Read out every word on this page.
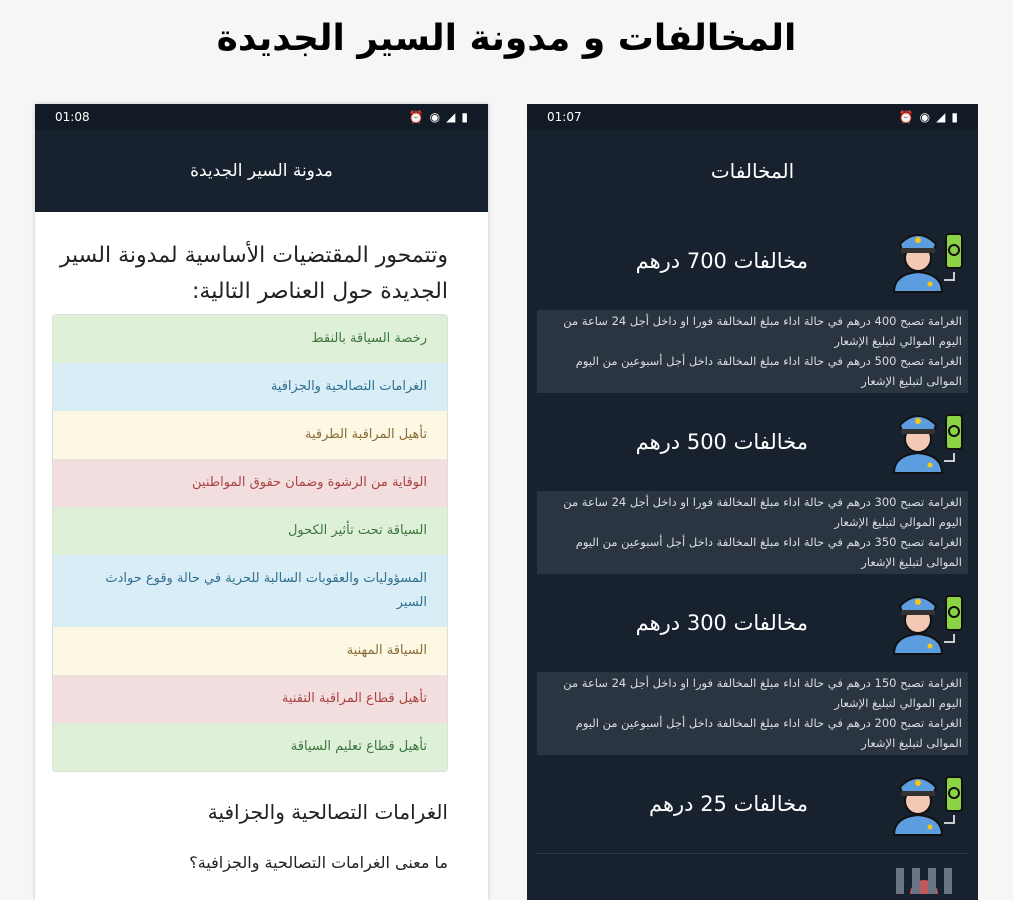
المخالفات و مدونة السير الجديدة
01:08	⏰ ◉ ◢ ▮
مدونة السير الجديدة
وتتمحور المقتضيات الأساسية لمدونة السير الجديدة حول العناصر التالية:
رخصة السياقة بالنقط
الغرامات التصالحية والجزافية
تأهيل المراقبة الطرقية
الوقاية من الرشوة وضمان حقوق المواطنين
السياقة تحت تأثير الكحول
المسؤوليات والعقوبات السالبة للحرية في حالة وقوع حوادث السير
السياقة المهنية
تأهيل قطاع المراقبة التقنية
تأهيل قطاع تعليم السياقة
الغرامات التصالحية والجزافية
ما معنى الغرامات التصالحية والجزافية؟
01:07	⏰ ◉ ◢ ▮
المخالفات
مخالفات 700 درهم
الغرامة تصبح 400 درهم في حالة اداء مبلغ المخالفة فورا او داخل أجل 24 ساعة من اليوم الموالي لتبليغ الإشعار
الغرامة تصبح 500 درهم في حالة اداء مبلغ المخالفة داخل أجل أسبوعين من اليوم الموالى لتبليغ الإشعار
مخالفات 500 درهم
الغرامة تصبح 300 درهم في حالة اداء مبلغ المخالفة فورا او داخل أجل 24 ساعة من اليوم الموالي لتبليغ الإشعار
الغرامة تصبح 350 درهم في حالة اداء مبلغ المخالفة داخل أجل أسبوعين من اليوم الموالى لتبليغ الإشعار
مخالفات 300 درهم
الغرامة تصبح 150 درهم في حالة اداء مبلغ المخالفة فورا او داخل أجل 24 ساعة من اليوم الموالي لتبليغ الإشعار
الغرامة تصبح 200 درهم في حالة اداء مبلغ المخالفة داخل أجل أسبوعين من اليوم الموالى لتبليغ الإشعار
مخالفات 25 درهم
